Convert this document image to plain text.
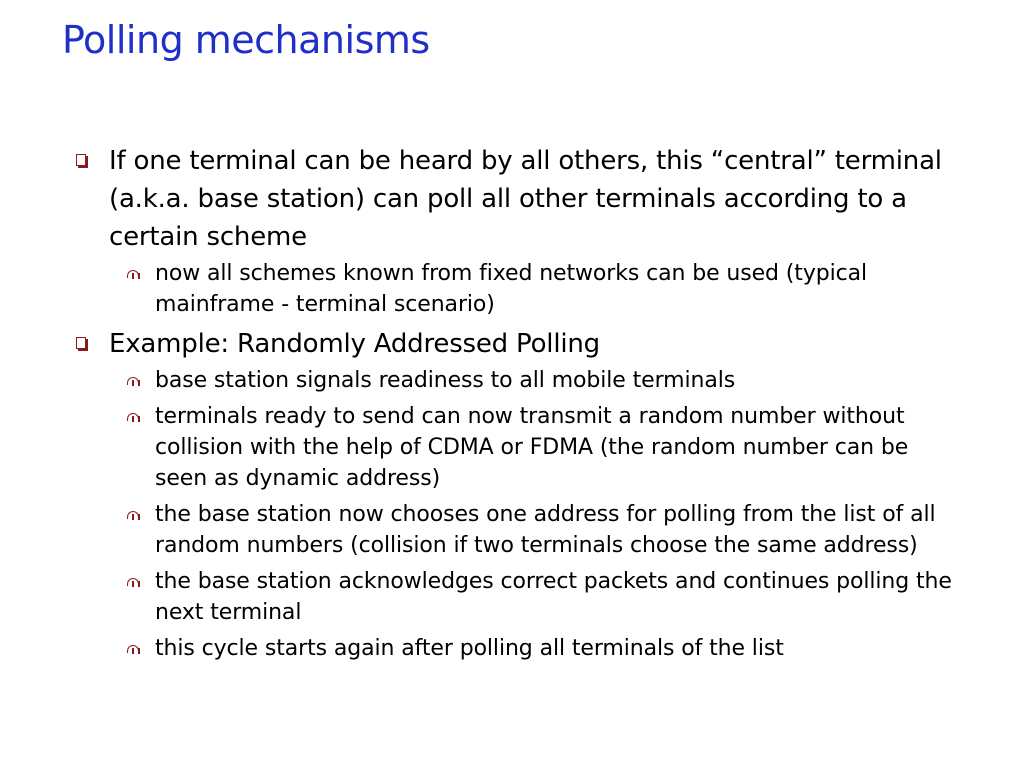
Polling mechanisms
If one terminal can be heard by all others, this “central” terminal (a.k.a. base station) can poll all other terminals according to a certain scheme
now all schemes known from fixed networks can be used (typical mainframe - terminal scenario)
Example: Randomly Addressed Polling
base station signals readiness to all mobile terminals
terminals ready to send can now transmit a random number without collision with the help of CDMA or FDMA (the random number can be seen as dynamic address)
the base station now chooses one address for polling from the list of all random numbers (collision if two terminals choose the same address)
the base station acknowledges correct packets and continues polling the next terminal
this cycle starts again after polling all terminals of the list
